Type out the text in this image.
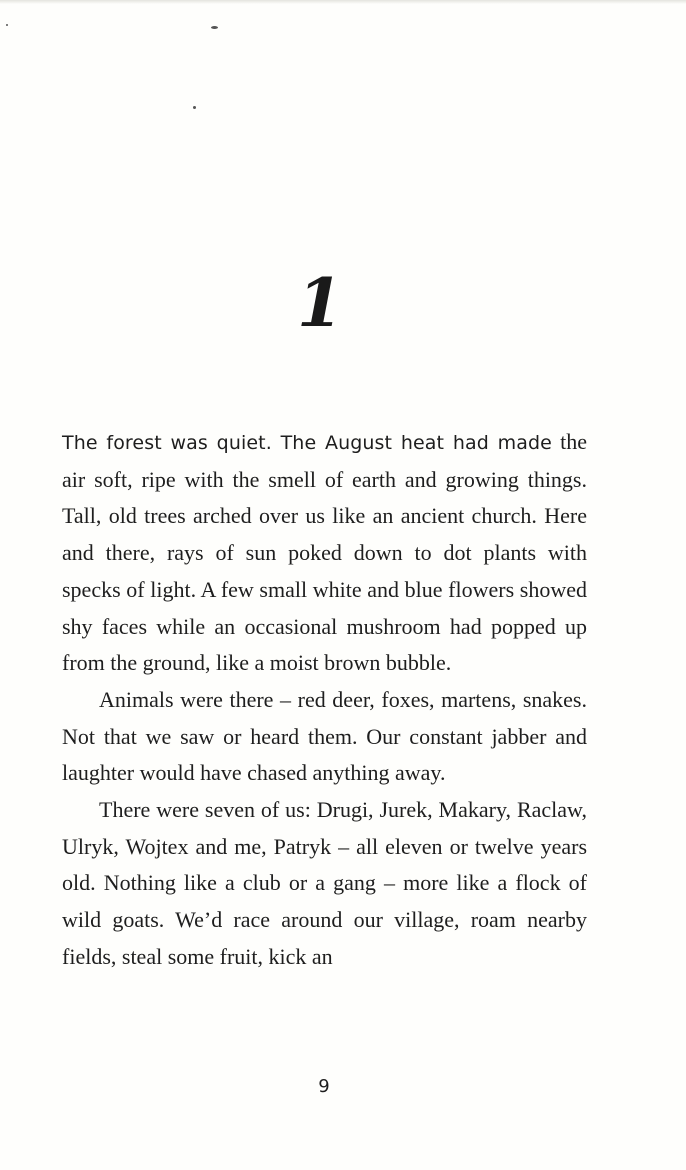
1

The forest was quiet. The August heat had made the air soft, ripe with the smell of earth and growing things. Tall, old trees arched over us like an ancient church. Here and there, rays of sun poked down to dot plants with specks of light. A few small white and blue flowers showed shy faces while an occasional mushroom had popped up from the ground, like a moist brown bubble.

Animals were there – red deer, foxes, martens, snakes. Not that we saw or heard them. Our constant jabber and laughter would have chased anything away.

There were seven of us: Drugi, Jurek, Makary, Raclaw, Ulryk, Wojtex and me, Patryk – all eleven or twelve years old. Nothing like a club or a gang – more like a flock of wild goats. We’d race around our village, roam nearby fields, steal some fruit, kick an

9
